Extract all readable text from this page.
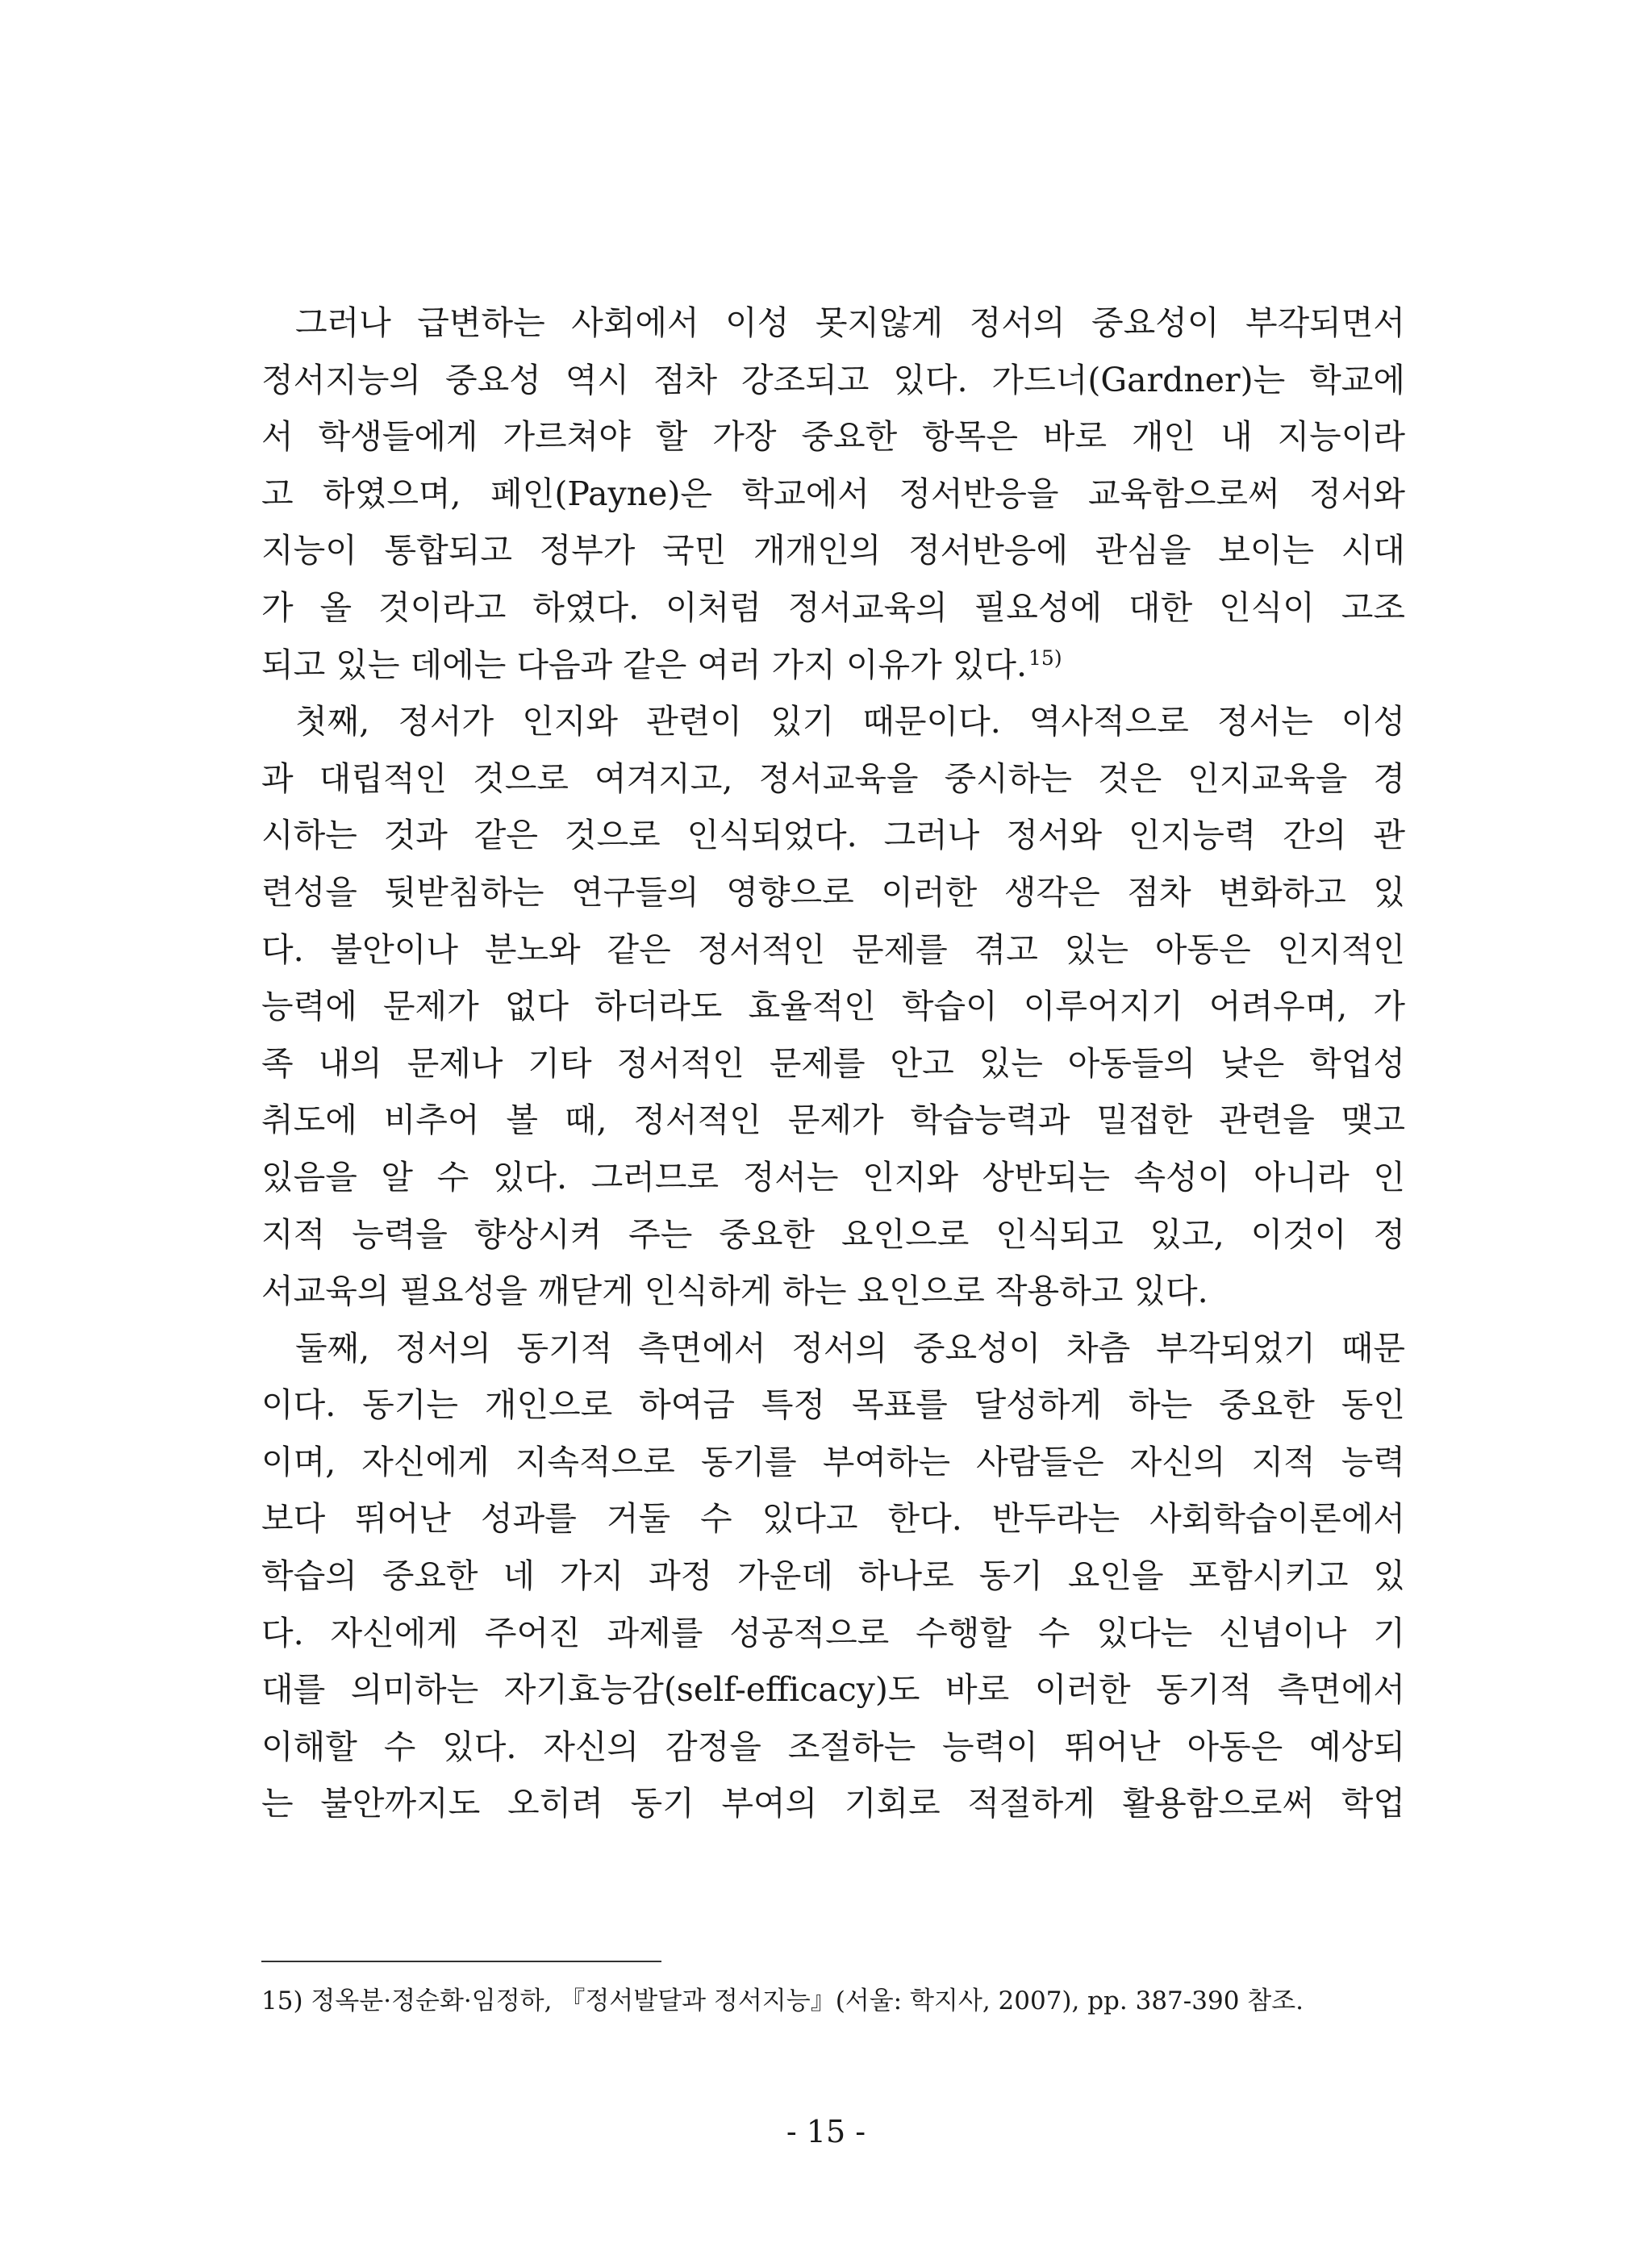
그러나 급변하는 사회에서 이성 못지않게 정서의 중요성이 부각되면서
정서지능의 중요성 역시 점차 강조되고 있다. 가드너(Gardner)는 학교에
서 학생들에게 가르쳐야 할 가장 중요한 항목은 바로 개인 내 지능이라
고 하였으며, 페인(Payne)은 학교에서 정서반응을 교육함으로써 정서와
지능이 통합되고 정부가 국민 개개인의 정서반응에 관심을 보이는 시대
가 올 것이라고 하였다. 이처럼 정서교육의 필요성에 대한 인식이 고조
되고 있는 데에는 다음과 같은 여러 가지 이유가 있다.$^{15)}$
첫째, 정서가 인지와 관련이 있기 때문이다. 역사적으로 정서는 이성
과 대립적인 것으로 여겨지고, 정서교육을 중시하는 것은 인지교육을 경
시하는 것과 같은 것으로 인식되었다. 그러나 정서와 인지능력 간의 관
련성을 뒷받침하는 연구들의 영향으로 이러한 생각은 점차 변화하고 있
다. 불안이나 분노와 같은 정서적인 문제를 겪고 있는 아동은 인지적인
능력에 문제가 없다 하더라도 효율적인 학습이 이루어지기 어려우며, 가
족 내의 문제나 기타 정서적인 문제를 안고 있는 아동들의 낮은 학업성
취도에 비추어 볼 때, 정서적인 문제가 학습능력과 밀접한 관련을 맺고
있음을 알 수 있다. 그러므로 정서는 인지와 상반되는 속성이 아니라 인
지적 능력을 향상시켜 주는 중요한 요인으로 인식되고 있고, 이것이 정
서교육의 필요성을 깨닫게 인식하게 하는 요인으로 작용하고 있다.
둘째, 정서의 동기적 측면에서 정서의 중요성이 차츰 부각되었기 때문
이다. 동기는 개인으로 하여금 특정 목표를 달성하게 하는 중요한 동인
이며, 자신에게 지속적으로 동기를 부여하는 사람들은 자신의 지적 능력
보다 뛰어난 성과를 거둘 수 있다고 한다. 반두라는 사회학습이론에서
학습의 중요한 네 가지 과정 가운데 하나로 동기 요인을 포함시키고 있
다. 자신에게 주어진 과제를 성공적으로 수행할 수 있다는 신념이나 기
대를 의미하는 자기효능감(self-efficacy)도 바로 이러한 동기적 측면에서
이해할 수 있다. 자신의 감정을 조절하는 능력이 뛰어난 아동은 예상되
는 불안까지도 오히려 동기 부여의 기회로 적절하게 활용함으로써 학업
15) 정옥분·정순화·임정하, 『정서발달과 정서지능』(서울: 학지사, 2007), pp. 387-390 참조.
- 15 -
